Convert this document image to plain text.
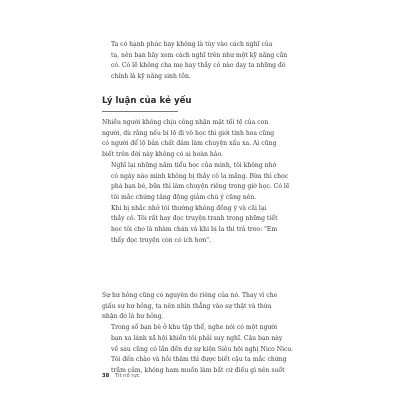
Ta có hạnh phúc hay không là tùy vào cách nghĩ của
ta, nên bạn hãy xem cách nghĩ trên như một kỹ năng cần
có. Có lẽ không cha mẹ hay thầy cô nào dạy ta những đó
chính là kỹ năng sinh tồn.

Lý luận của kẻ yếu

Nhiều người không chịu công nhận mặt tối tệ của con
người, dù rằng nếu bị lộ đi vô học thì giới tính hoa cũng
có người để lộ bản chất đảm làm chuyện xấu xa. Ai cũng
biết trên đời này không có ai hoàn hảo.

Nghĩ lại những năm tiểu học của mình, tôi không nhớ
có ngày nào mình không bị thầy cô la mắng. Bừa thì chọc
phá bạn bè, bữa thì làm chuyện riêng trong giờ học. Có lẽ
tôi mắc chứng tăng động giảm chú ý cũng nên.

Khi bị nhắc nhở tôi thường không đồng ý và cãi lại
thầy cô. Tôi rất hay đọc truyện tranh trong những tiết
học tôi cho là nhàm chán và khi bị la thì trả treo: "Em
thấy đọc truyện còn có ích hơn".

Sự hư hỏng cũng có nguyên do riêng của nó. Thay vì che
giấu sự hư hỏng, ta nên nhìn thẳng vào sự thật và thừa
nhận đó là hư hỏng.

Trong số bạn bè ở khu tập thể, nghe nói có một người
bạn xa lánh xã hội khiến tôi phải suy nghĩ. Cậu bạn này
về sau cũng có lần đến dự sự kiện Siêu hội nghị Nico Nico.
Tôi đến chào và hỏi thăm thì được biết cậu ta mắc chứng
trầm cảm, không ham muốn làm bất cứ điều gì nên suốt

38 Tít nổ rực
